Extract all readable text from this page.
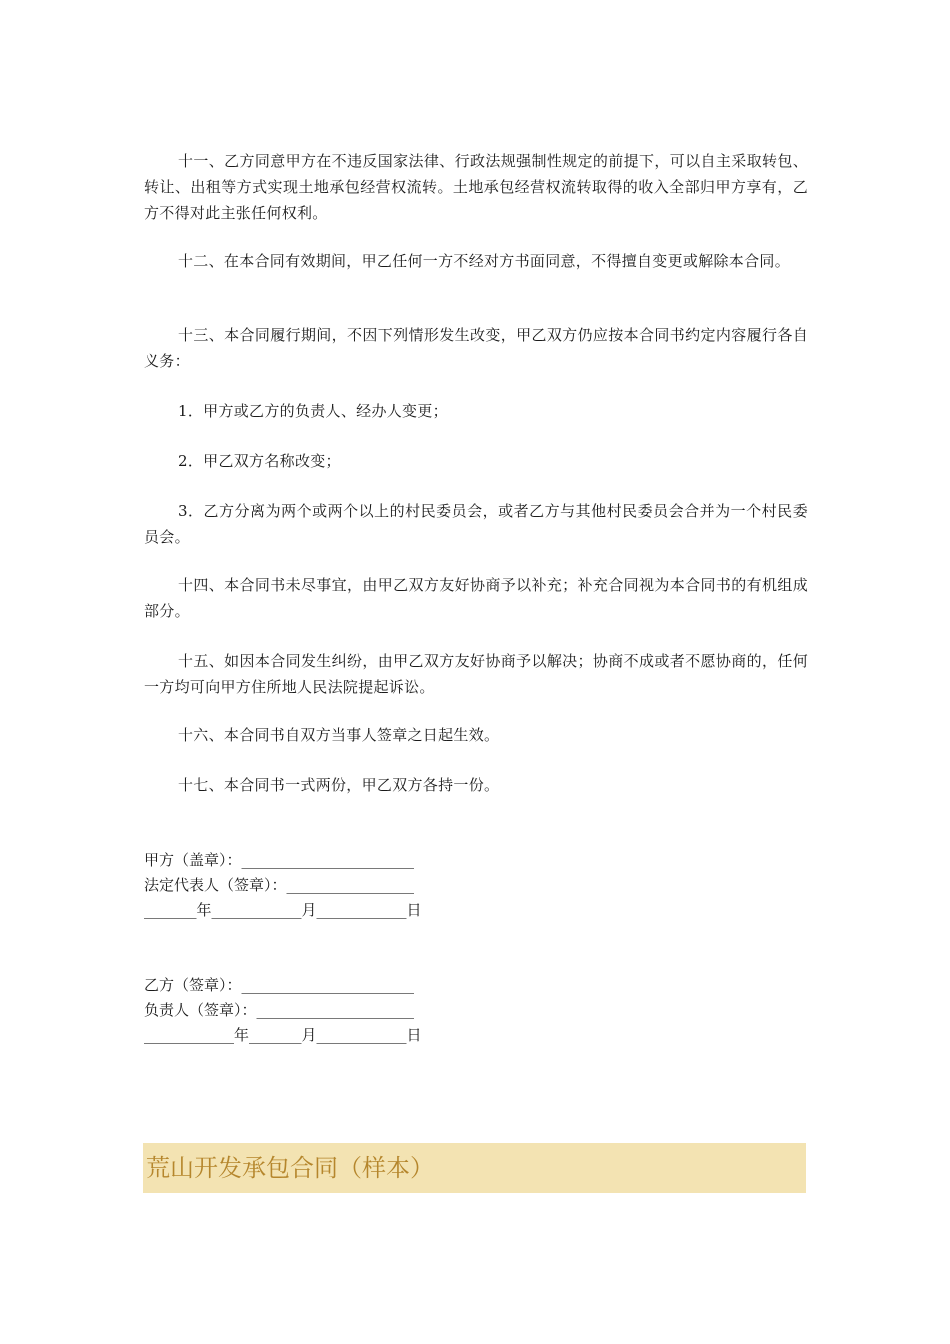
十一、乙方同意甲方在不违反国家法律、行政法规强制性规定的前提下，可以自主采取转包、转让、出租等方式实现土地承包经营权流转。土地承包经营权流转取得的收入全部归甲方享有，乙方不得对此主张任何权利。

十二、在本合同有效期间，甲乙任何一方不经对方书面同意，不得擅自变更或解除本合同。

十三、本合同履行期间，不因下列情形发生改变，甲乙双方仍应按本合同书约定内容履行各自义务：

1．甲方或乙方的负责人、经办人变更；

2．甲乙双方名称改变；

3．乙方分离为两个或两个以上的村民委员会，或者乙方与其他村民委员会合并为一个村民委员会。

十四、本合同书未尽事宜，由甲乙双方友好协商予以补充；补充合同视为本合同书的有机组成部分。

十五、如因本合同发生纠纷，由甲乙双方友好协商予以解决；协商不成或者不愿协商的，任何一方均可向甲方住所地人民法院提起诉讼。

十六、本合同书自双方当事人签章之日起生效。

十七、本合同书一式两份，甲乙双方各持一份。

甲方（盖章）：_______________________

法定代表人（签章）：_________________

_______年____________月____________日

乙方（签章）：_______________________

负责人（签章）：_____________________

____________年_______月____________日

荒山开发承包合同（样本）
